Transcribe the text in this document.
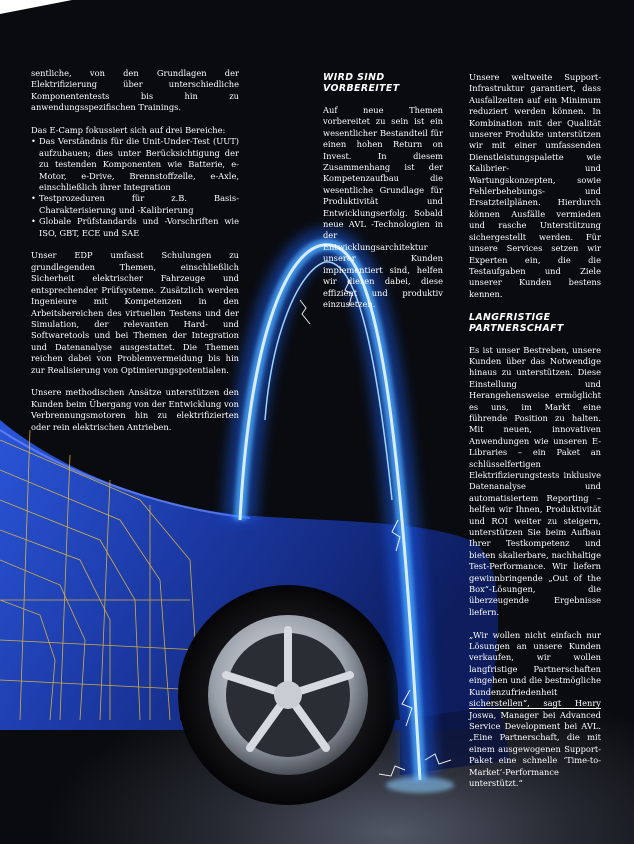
sentliche, von den Grundlagen der Elektrifizierung über unterschiedliche Komponententests bis hin zu anwendungsspezifischen Trainings.

Das E-Camp fokussiert sich auf drei Bereiche:
• Das Verständnis für die Unit-Under-Test (UUT) aufzubauen; dies unter Berücksichtigung der zu testenden Komponenten wie Batterie, e-Motor, e-Drive, Brennstoffzelle, e-Axle, einschließlich ihrer Integration
• Testprozeduren für z.B. Basis-Charakterisierung und -Kalibrierung
• Globale Prüfstandards und -Vorschriften wie ISO, GBT, ECE und SAE

Unser EDP umfasst Schulungen zu grundlegenden Themen, einschließlich Sicherheit elektrischer Fahrzeuge und entsprechender Prüfsysteme. Zusätzlich werden Ingenieure mit Kompetenzen in den Arbeitsbereichen des virtuellen Testens und der Simulation, der relevanten Hard- und Softwaretools und bei Themen der Integration und Datenanalyse ausgestattet. Die Themen reichen dabei von Problemvermeidung bis hin zur Realisierung von Optimierungspotentialen.

Unsere methodischen Ansätze unterstützen den Kunden beim Übergang von der Entwicklung von Verbrennungsmotoren hin zu elektrifizierten oder rein elektrischen Antrieben.

WIRD SIND
VORBEREITET

Auf neue Themen vorbereitet zu sein ist ein wesentlicher Bestandteil für einen hohen Return on Invest. In diesem Zusammenhang ist der Kompetenzaufbau die wesentliche Grundlage für Produktivität und Entwicklungserfolg. Sobald neue AVL -Technologien in der Entwicklungsarchitektur unserer Kunden implementiert sind, helfen wir diesen dabei, diese effizient und produktiv einzusetzen.

Unsere weltweite Support-Infrastruktur garantiert, dass Ausfallzeiten auf ein Minimum reduziert werden können. In Kombination mit der Qualität unserer Produkte unterstützen wir mit einer umfassenden Dienstleistungspalette wie Kalibrier- und Wartungskonzepten, sowie Fehlerbehebungs- und Ersatzteilplänen. Hierdurch können Ausfälle vermieden und rasche Unterstützung sichergestellt werden. Für unsere Services setzen wir Experten ein, die die Testaufgaben und Ziele unserer Kunden bestens kennen.

LANGFRISTIGE
PARTNERSCHAFT

Es ist unser Bestreben, unsere Kunden über das Notwendige hinaus zu unterstützen. Diese Einstellung und Herangehensweise ermöglicht es uns, im Markt eine führende Position zu halten. Mit neuen, innovativen Anwendungen wie unseren E-Libraries – ein Paket an schlüsselfertigen Elektrifizierungstests inklusive Datenanalyse und automatisiertem Reporting – helfen wir Ihnen, Produktivität und ROI weiter zu steigern, unterstützen Sie beim Aufbau Ihrer Testkompetenz und bieten skalierbare, nachhaltige Test-Performance. Wir liefern gewinnbringende „Out of the Box“-Lösungen, die überzeugende Ergebnisse liefern.

„Wir wollen nicht einfach nur Lösungen an unsere Kunden verkaufen, wir wollen langfristige Partnerschaften eingehen und die bestmögliche Kundenzufriedenheit sicherstellen“, sagt Henry Joswa, Manager bei Advanced Service Development bei AVL. „Eine Partnerschaft, die mit einem ausgewogenen Support-Paket eine schnelle ‘Time-to-Market’-Performance unterstützt.“
